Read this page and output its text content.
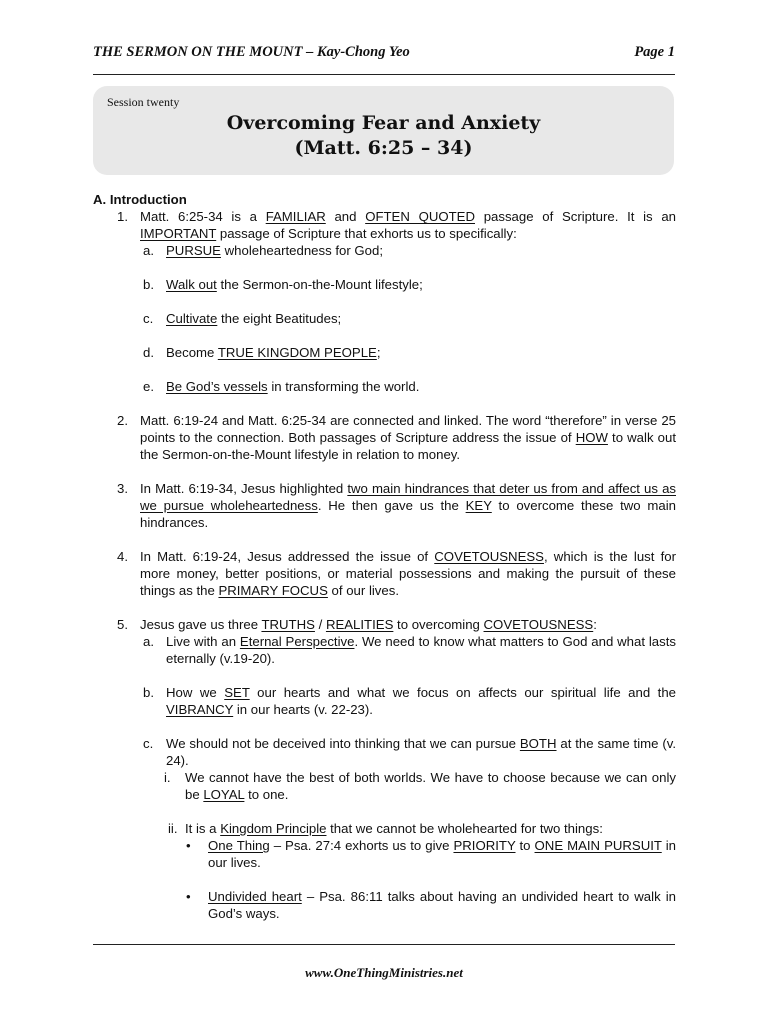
THE SERMON ON THE MOUNT – Kay-Chong Yeo	Page 1
Session twenty
Overcoming Fear and Anxiety
(Matt. 6:25 – 34)
A. Introduction
1. Matt. 6:25-34 is a FAMILIAR and OFTEN QUOTED passage of Scripture. It is an IMPORTANT passage of Scripture that exhorts us to specifically:
a. PURSUE wholeheartedness for God;
b. Walk out the Sermon-on-the-Mount lifestyle;
c. Cultivate the eight Beatitudes;
d. Become TRUE KINGDOM PEOPLE;
e. Be God’s vessels in transforming the world.
2. Matt. 6:19-24 and Matt. 6:25-34 are connected and linked. The word “therefore” in verse 25 points to the connection. Both passages of Scripture address the issue of HOW to walk out the Sermon-on-the-Mount lifestyle in relation to money.
3. In Matt. 6:19-34, Jesus highlighted two main hindrances that deter us from and affect us as we pursue wholeheartedness. He then gave us the KEY to overcome these two main hindrances.
4. In Matt. 6:19-24, Jesus addressed the issue of COVETOUSNESS, which is the lust for more money, better positions, or material possessions and making the pursuit of these things as the PRIMARY FOCUS of our lives.
5. Jesus gave us three TRUTHS / REALITIES to overcoming COVETOUSNESS:
a. Live with an Eternal Perspective. We need to know what matters to God and what lasts eternally (v.19-20).
b. How we SET our hearts and what we focus on affects our spiritual life and the VIBRANCY in our hearts (v. 22-23).
c. We should not be deceived into thinking that we can pursue BOTH at the same time (v. 24).
i. We cannot have the best of both worlds. We have to choose because we can only be LOYAL to one.
ii. It is a Kingdom Principle that we cannot be wholehearted for two things:
• One Thing – Psa. 27:4 exhorts us to give PRIORITY to ONE MAIN PURSUIT in our lives.
• Undivided heart – Psa. 86:11 talks about having an undivided heart to walk in God’s ways.
www.OneThingMinistries.net
